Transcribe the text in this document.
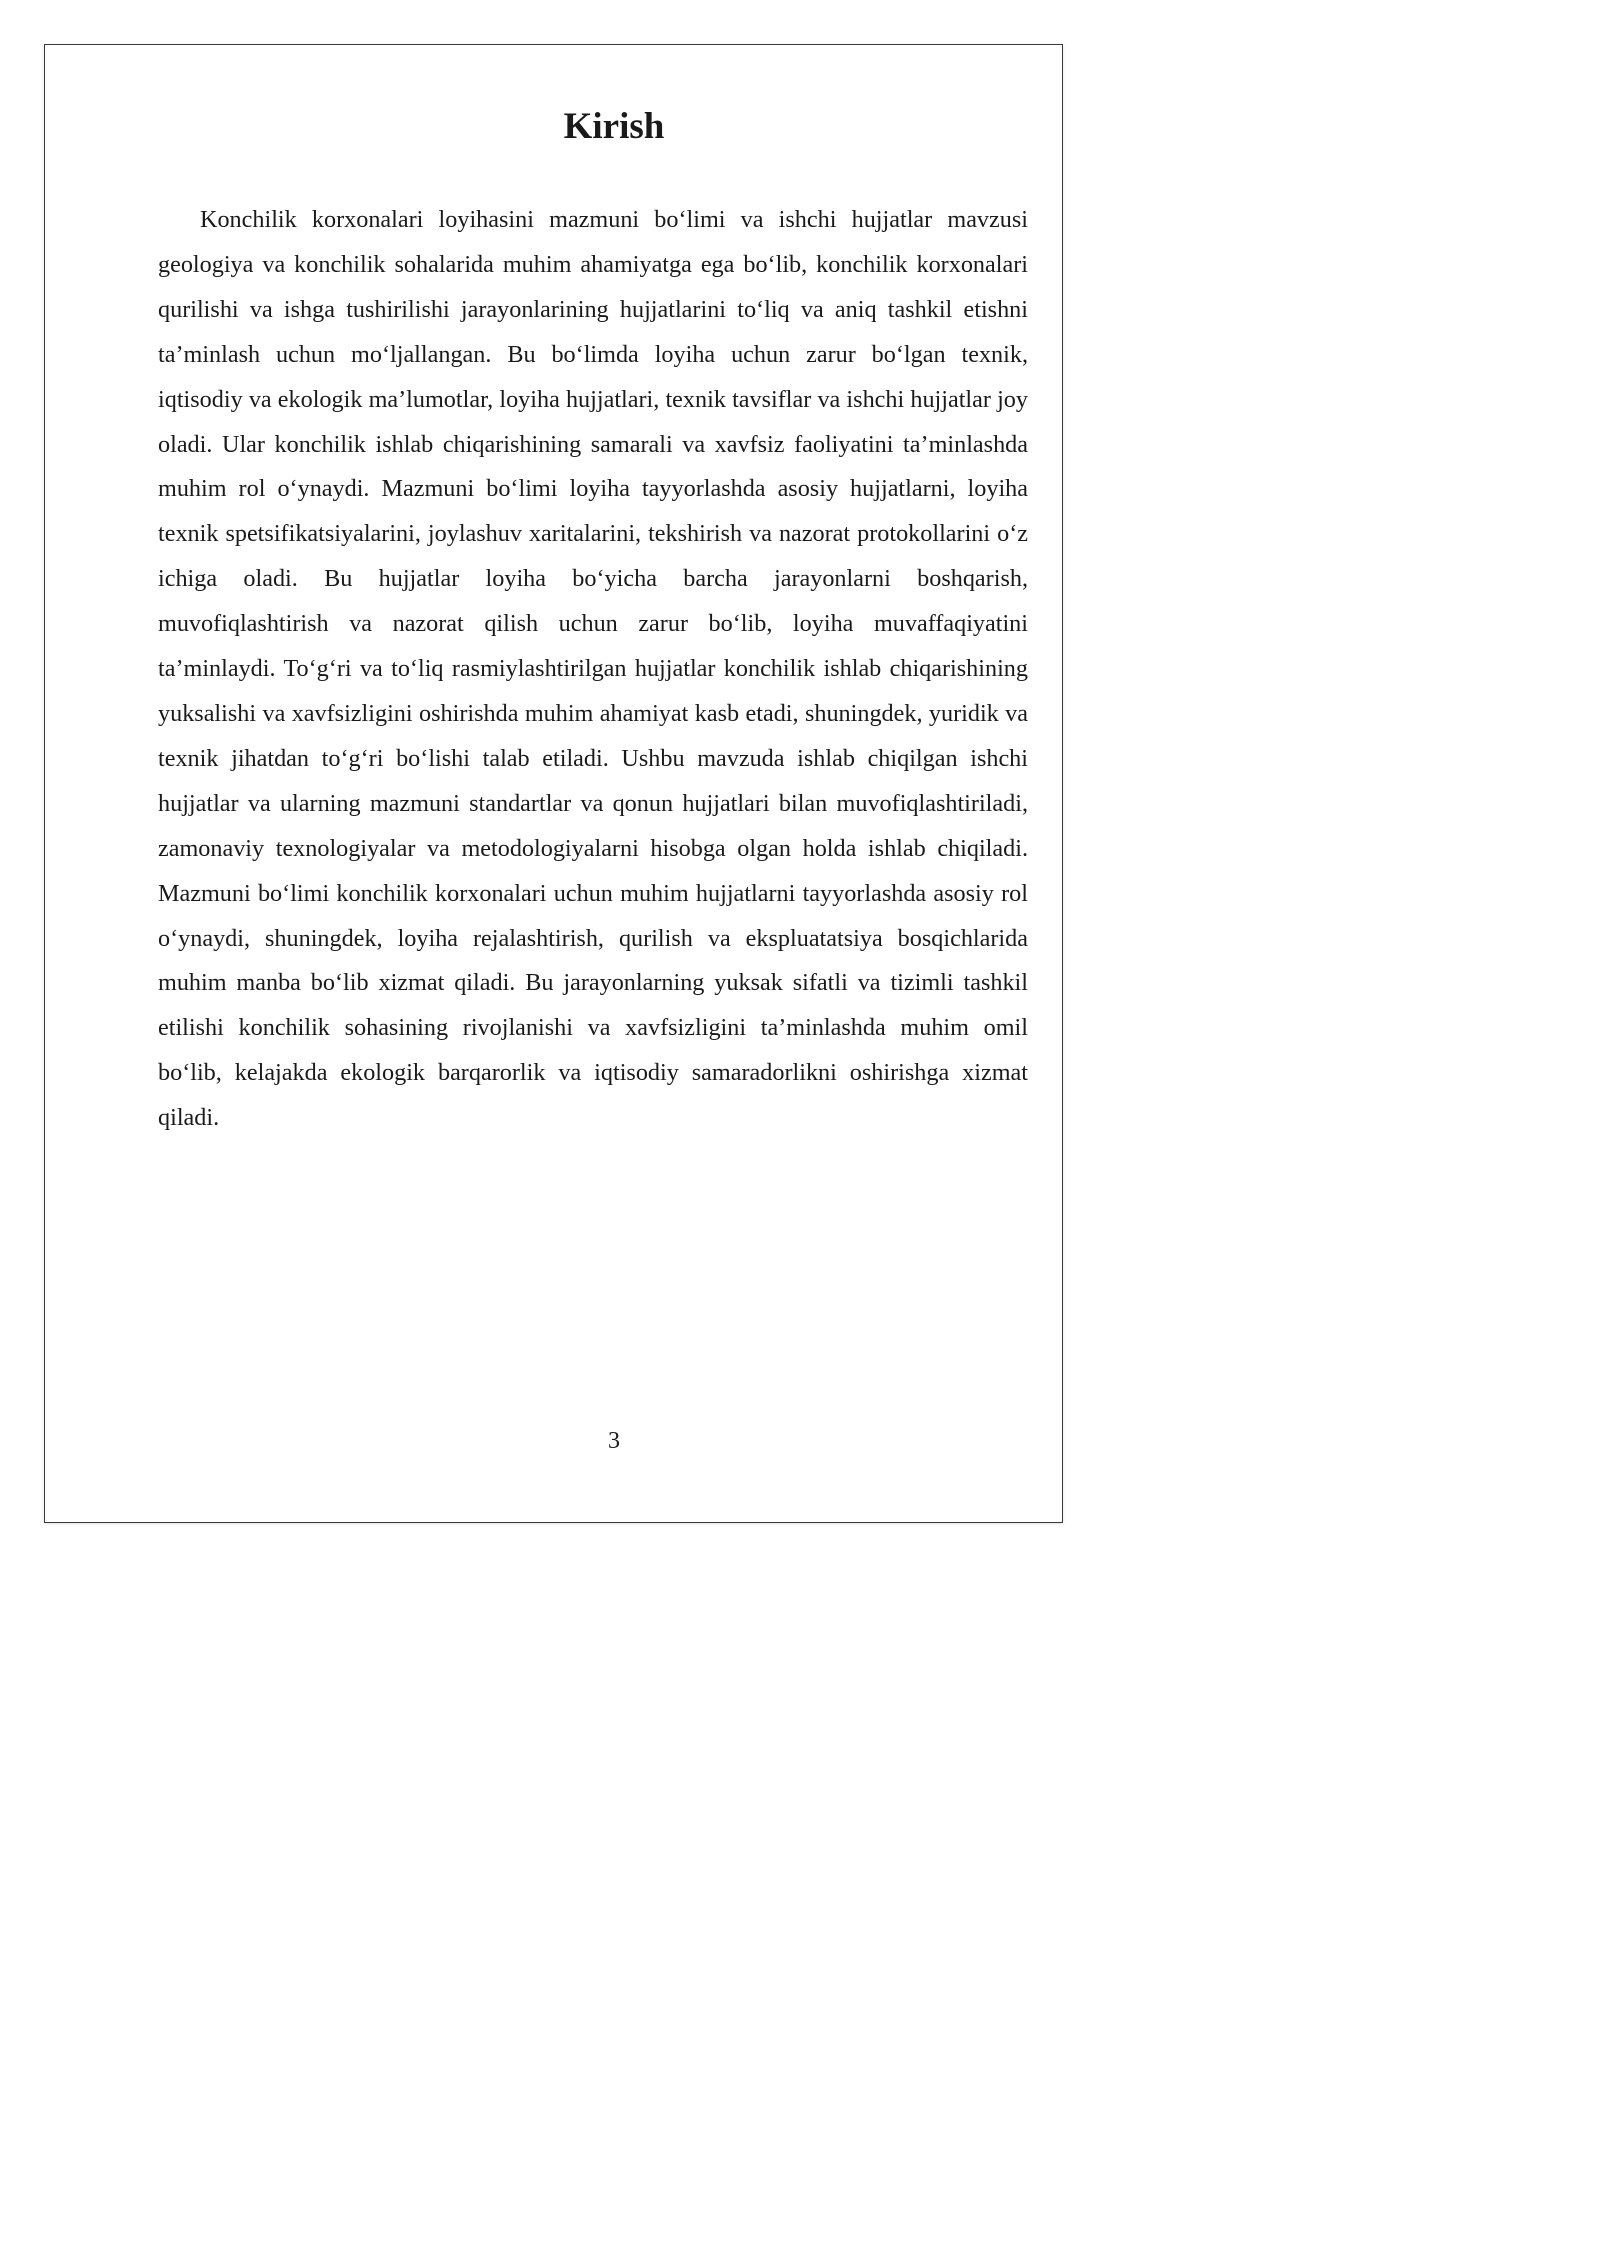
Kirish

Konchilik korxonalari loyihasini mazmuni bo‘limi va ishchi hujjatlar mavzusi geologiya va konchilik sohalarida muhim ahamiyatga ega bo‘lib, konchilik korxonalari qurilishi va ishga tushirilishi jarayonlarining hujjatlarini to‘liq va aniq tashkil etishni ta’minlash uchun mo‘ljallangan. Bu bo‘limda loyiha uchun zarur bo‘lgan texnik, iqtisodiy va ekologik ma’lumotlar, loyiha hujjatlari, texnik tavsiflar va ishchi hujjatlar joy oladi. Ular konchilik ishlab chiqarishining samarali va xavfsiz faoliyatini ta’minlashda muhim rol o‘ynaydi. Mazmuni bo‘limi loyiha tayyorlashda asosiy hujjatlarni, loyiha texnik spetsifikatsiyalarini, joylashuv xaritalarini, tekshirish va nazorat protokollarini o‘z ichiga oladi. Bu hujjatlar loyiha bo‘yicha barcha jarayonlarni boshqarish, muvofiqlashtirish va nazorat qilish uchun zarur bo‘lib, loyiha muvaffaqiyatini ta’minlaydi. To‘g‘ri va to‘liq rasmiylashtirilgan hujjatlar konchilik ishlab chiqarishining yuksalishi va xavfsizligini oshirishda muhim ahamiyat kasb etadi, shuningdek, yuridik va texnik jihatdan to‘g‘ri bo‘lishi talab etiladi. Ushbu mavzuda ishlab chiqilgan ishchi hujjatlar va ularning mazmuni standartlar va qonun hujjatlari bilan muvofiqlashtiriladi, zamonaviy texnologiyalar va metodologiyalarni hisobga olgan holda ishlab chiqiladi. Mazmuni bo‘limi konchilik korxonalari uchun muhim hujjatlarni tayyorlashda asosiy rol o‘ynaydi, shuningdek, loyiha rejalashtirish, qurilish va ekspluatatsiya bosqichlarida muhim manba bo‘lib xizmat qiladi. Bu jarayonlarning yuksak sifatli va tizimli tashkil etilishi konchilik sohasining rivojlanishi va xavfsizligini ta’minlashda muhim omil bo‘lib, kelajakda ekologik barqarorlik va iqtisodiy samaradorlikni oshirishga xizmat qiladi.

3
